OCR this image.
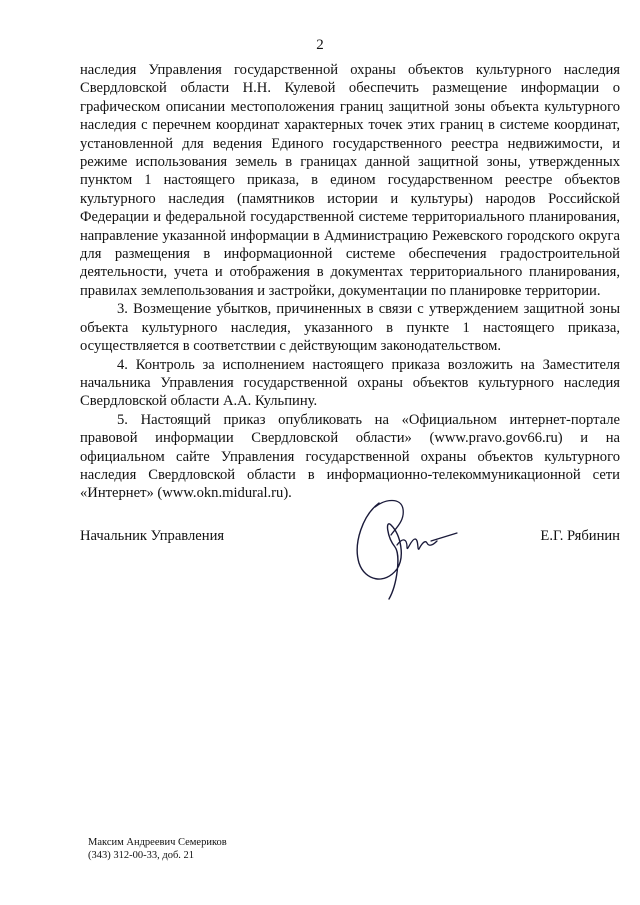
2

наследия Управления государственной охраны объектов культурного наследия Свердловской области Н.Н. Кулевой обеспечить размещение информации о графическом описании местоположения границ защитной зоны объекта культурного наследия с перечнем координат характерных точек этих границ в системе координат, установленной для ведения Единого государственного реестра недвижимости, и режиме использования земель в границах данной защитной зоны, утвержденных пунктом 1 настоящего приказа, в едином государственном реестре объектов культурного наследия (памятников истории и культуры) народов Российской Федерации и федеральной государственной системе территориального планирования, направление указанной информации в Администрацию Режевского городского округа для размещения в информационной системе обеспечения градостроительной деятельности, учета и отображения в документах территориального планирования, правилах землепользования и застройки, документации по планировке территории.

3. Возмещение убытков, причиненных в связи с утверждением защитной зоны объекта культурного наследия, указанного в пункте 1 настоящего приказа, осуществляется в соответствии с действующим законодательством.

4. Контроль за исполнением настоящего приказа возложить на Заместителя начальника Управления государственной охраны объектов культурного наследия Свердловской области А.А. Кульпину.

5. Настоящий приказ опубликовать на «Официальном интернет-портале правовой информации Свердловской области» (www.pravo.gov66.ru) и на официальном сайте Управления государственной охраны объектов культурного наследия Свердловской области в информационно-телекоммуникационной сети «Интернет» (www.okn.midural.ru).

Начальник Управления	Е.Г. Рябинин
Максим Андреевич Семериков
(343) 312-00-33, доб. 21
